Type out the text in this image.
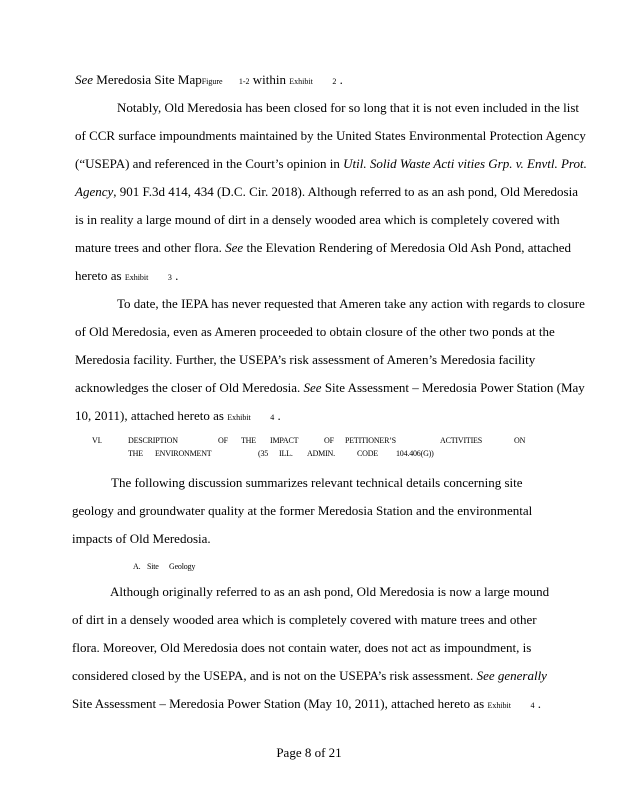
See Meredosia Site MapFigure 1-2 within Exhibit 2 .
Notably, Old Meredosia has been closed for so long that it is not even included in the list
of CCR surface impoundments maintained by the United States Environmental Protection Agency
(“USEPA) and referenced in the Court’s opinion in Util. Solid Waste Acti vities Grp. v. Envtl. Prot.
Agency, 901 F.3d 414, 434 (D.C. Cir. 2018). Although referred to as an ash pond, Old Meredosia
is in reality a large mound of dirt in a densely wooded area which is completely covered with
mature trees and other flora. See the Elevation Rendering of Meredosia Old Ash Pond, attached
hereto as Exhibit 3 .
To date, the IEPA has never requested that Ameren take any action with regards to closure
of Old Meredosia, even as Ameren proceeded to obtain closure of the other two ponds at the
Meredosia facility. Further, the USEPA’s risk assessment of Ameren’s Meredosia facility
acknowledges the closer of Old Meredosia. See Site Assessment – Meredosia Power Station (May
10, 2011), attached hereto as Exhibit 4 .
VI.	DESCRIPTION	OF THE IMPACT	OF PETITIONER’S	ACTIVITIES	ON
THE ENVIRONMENT	(35 ILL. ADMIN.	CODE 104.406(G))
The following discussion summarizes relevant technical details concerning site
geology and groundwater quality at the former Meredosia Station and the environmental
impacts of Old Meredosia.
A. Site Geology
Although originally referred to as an ash pond, Old Meredosia is now a large mound
of dirt in a densely wooded area which is completely covered with mature trees and other
flora. Moreover, Old Meredosia does not contain water, does not act as impoundment, is
considered closed by the USEPA, and is not on the USEPA’s risk assessment. See generally
Site Assessment – Meredosia Power Station (May 10, 2011), attached hereto as Exhibit 4 .
Page 8 of 21
